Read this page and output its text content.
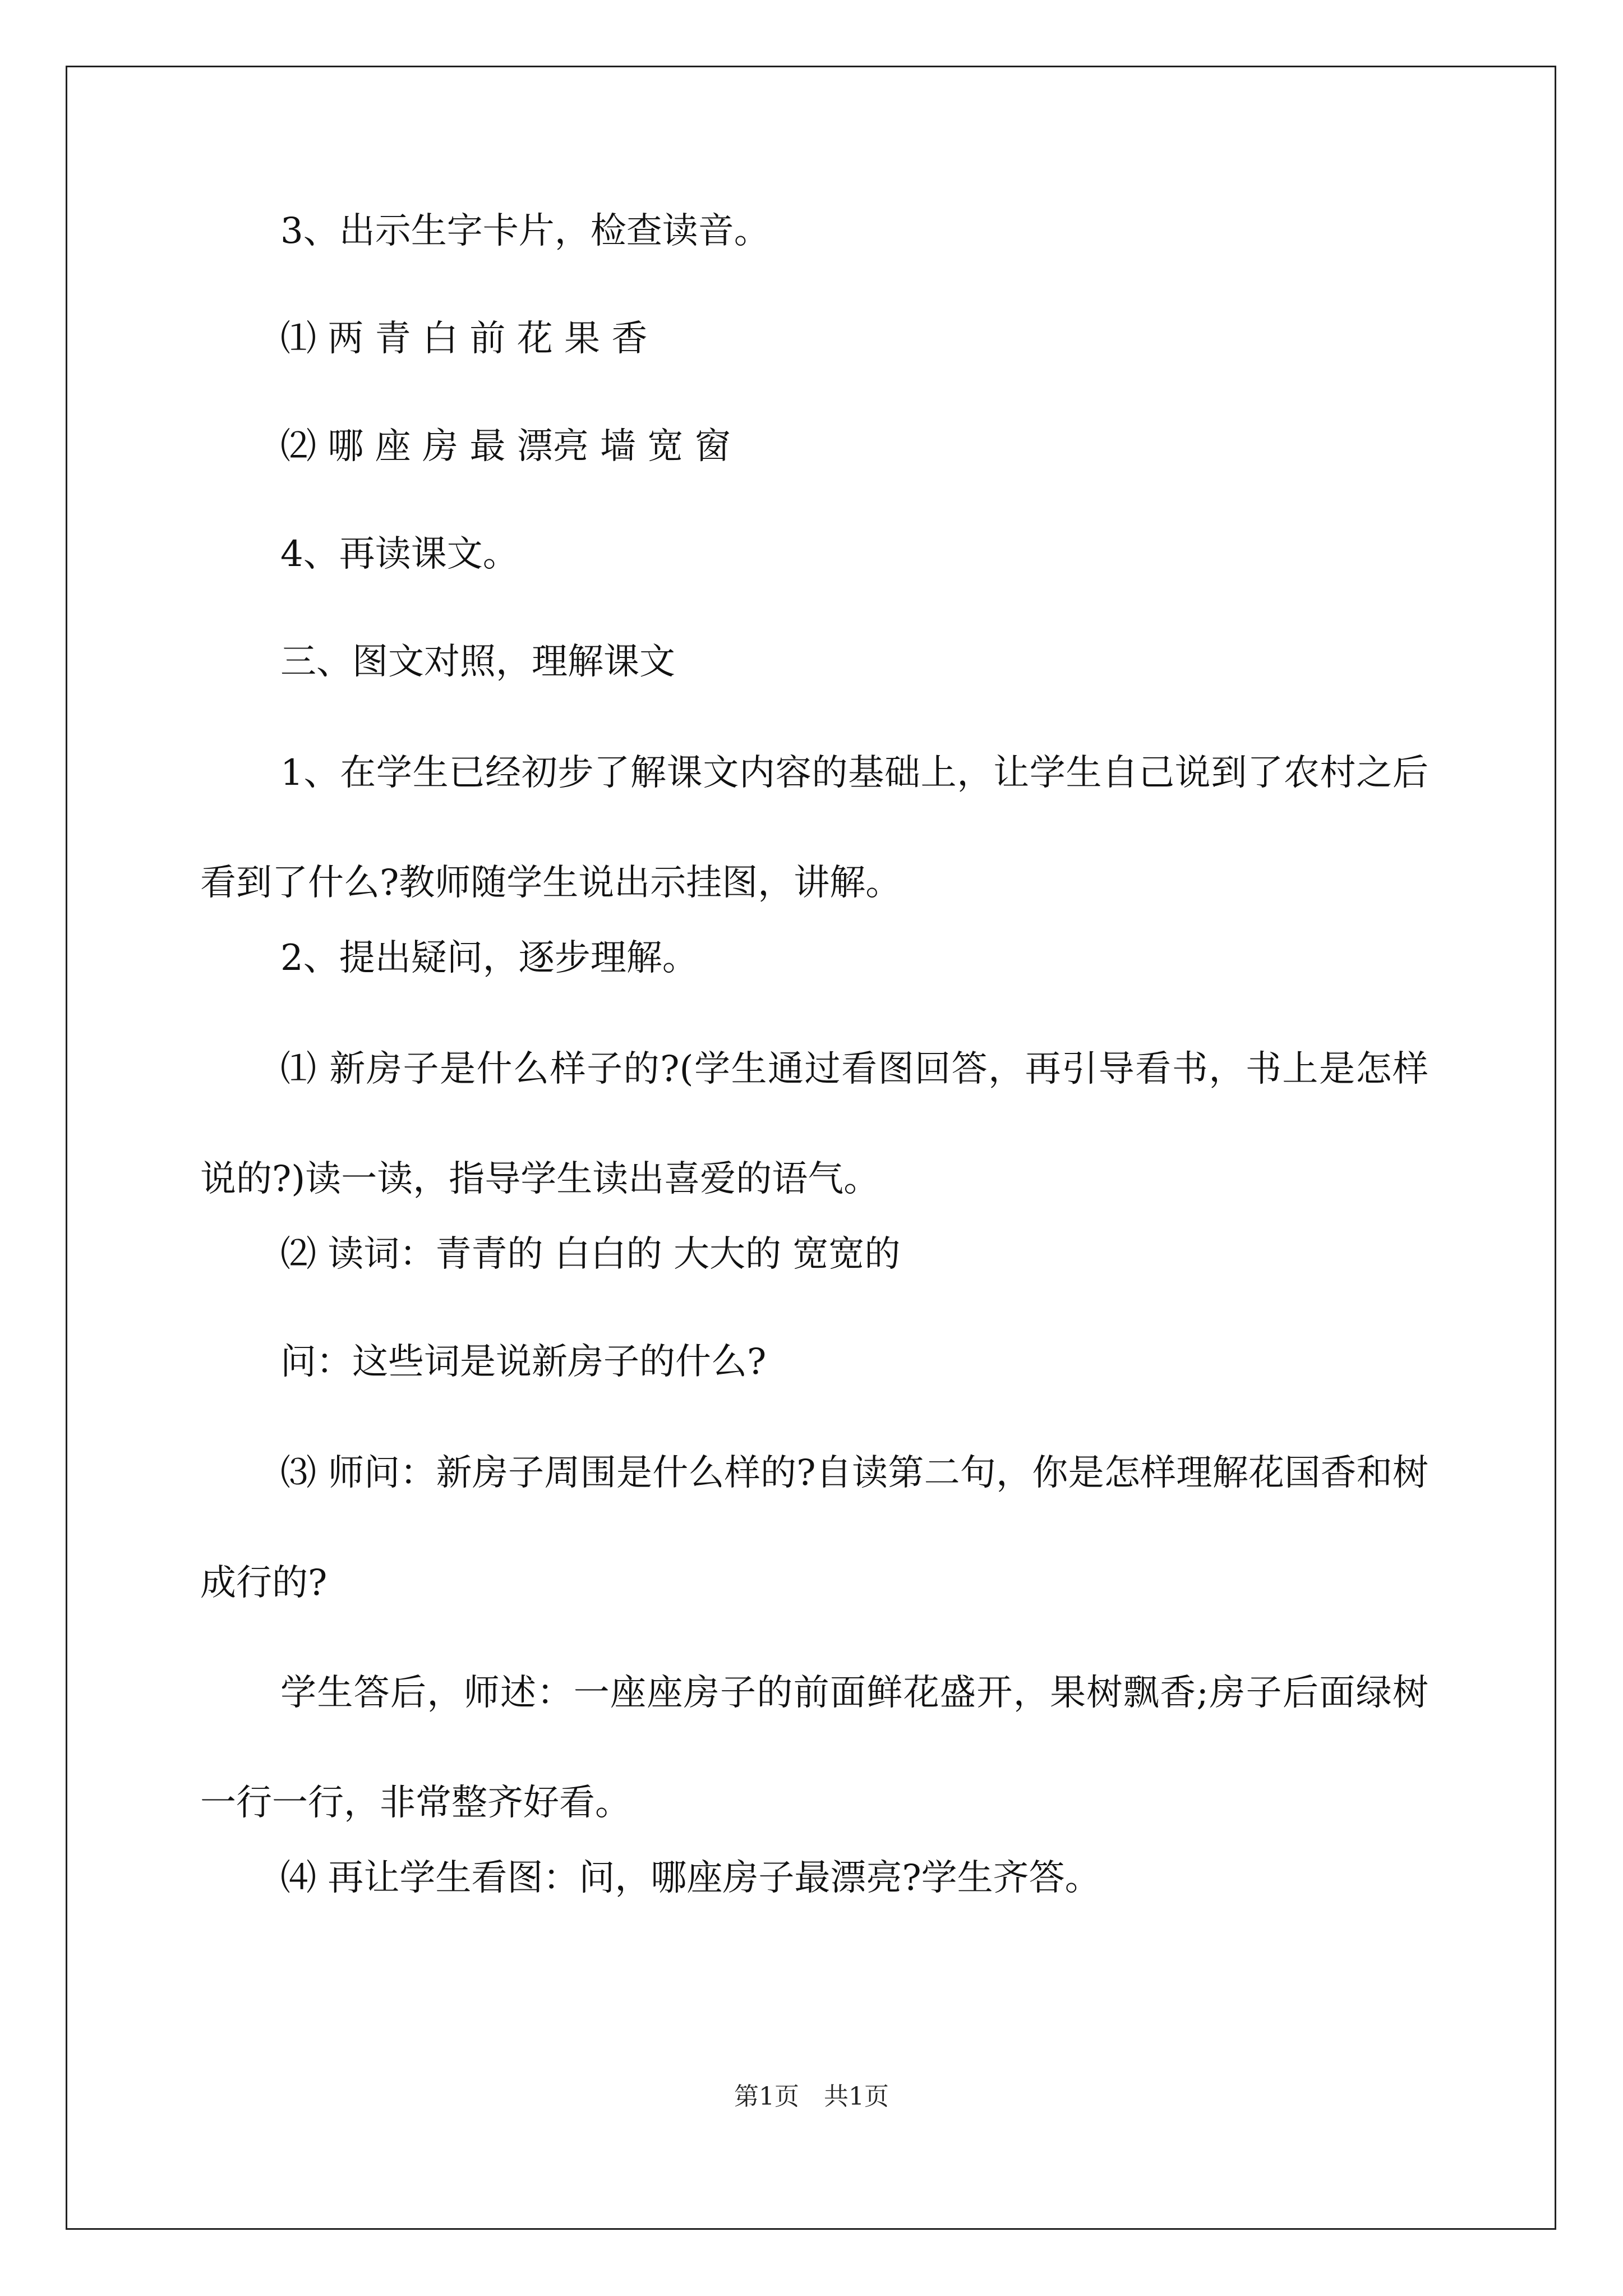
3、出示生字卡片，检查读音。

⑴ 两 青 白 前 花 果 香

⑵ 哪 座 房 最 漂亮 墙 宽 窗

4、再读课文。

三、图文对照，理解课文

1、在学生已经初步了解课文内容的基础上，让学生自己说到了农村之后看到了什么?教师随学生说出示挂图，讲解。

2、提出疑问，逐步理解。

⑴ 新房子是什么样子的?(学生通过看图回答，再引导看书，书上是怎样说的?)读一读，指导学生读出喜爱的语气。

⑵ 读词：青青的 白白的 大大的 宽宽的

问：这些词是说新房子的什么?

⑶ 师问：新房子周围是什么样的?自读第二句，你是怎样理解花国香和树成行的?

学生答后，师述：一座座房子的前面鲜花盛开，果树飘香;房子后面绿树一行一行，非常整齐好看。

⑷ 再让学生看图：问，哪座房子最漂亮?学生齐答。

第1页　共1页
